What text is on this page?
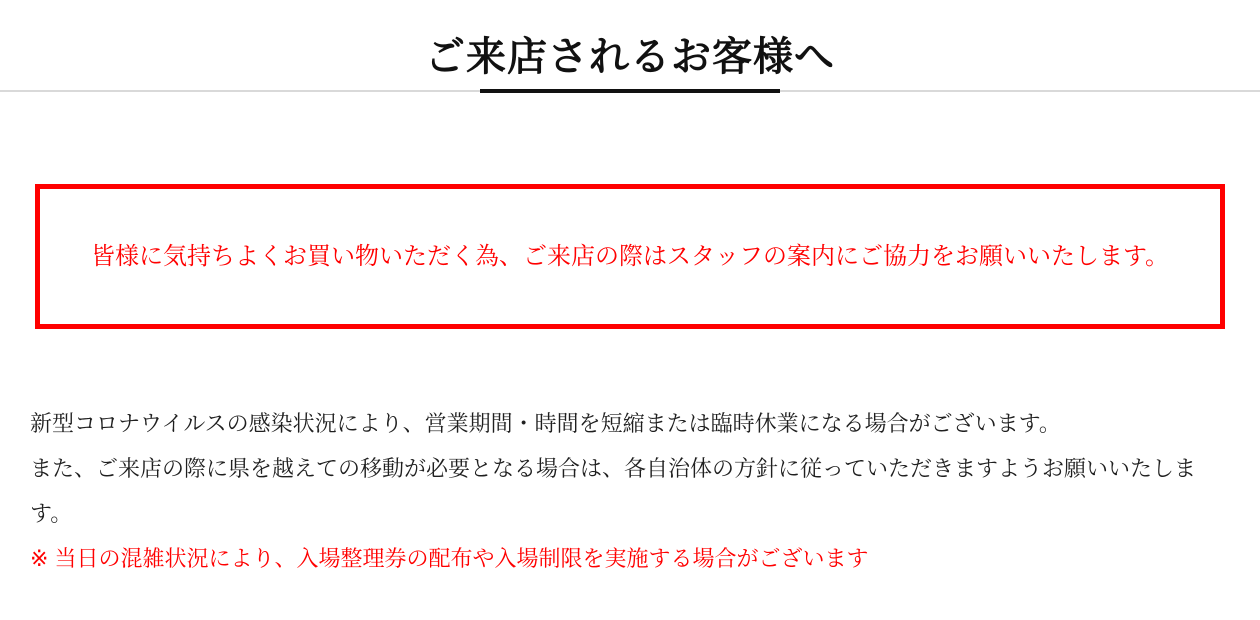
ご来店されるお客様へ

皆様に気持ちよくお買い物いただく為、ご来店の際はスタッフの案内にご協力をお願いいたします。

新型コロナウイルスの感染状況により、営業期間・時間を短縮または臨時休業になる場合がございます。

また、ご来店の際に県を越えての移動が必要となる場合は、各自治体の方針に従っていただきますようお願いいたします。

※ 当日の混雑状況により、入場整理券の配布や入場制限を実施する場合がございます
